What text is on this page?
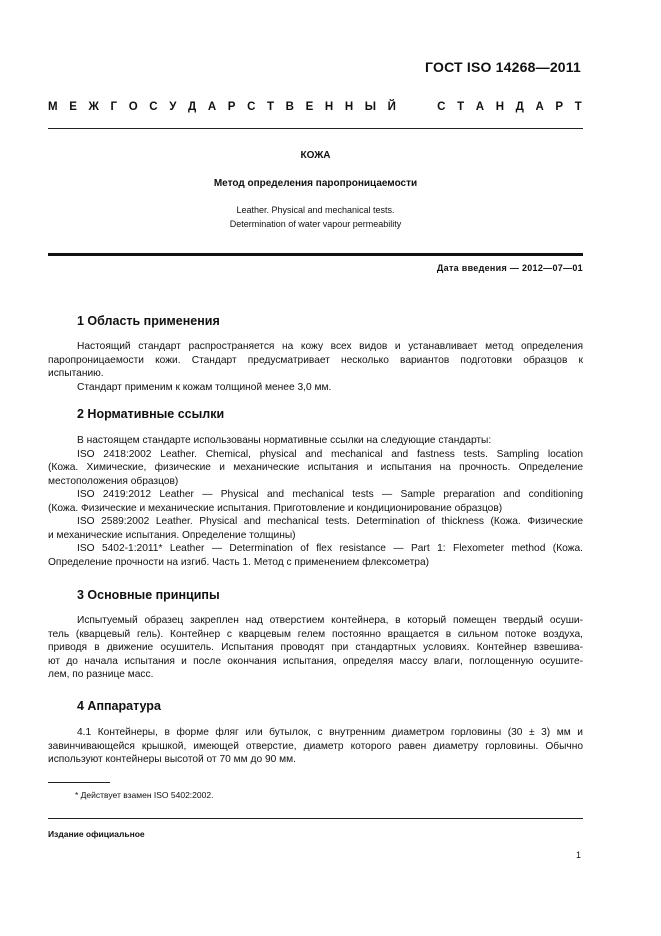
ГОСТ ISO 14268—2011
М Е Ж Г О С У Д А Р С Т В Е Н Н Ы Й	С Т А Н Д А Р Т
КОЖА
Метод определения паропроницаемости
Leather. Physical and mechanical tests.
Determination of water vapour permeability
Дата введения — 2012—07—01
1 Область применения
Настоящий стандарт распространяется на кожу всех видов и устанавливает метод определения
паропроницаемости кожи. Стандарт предусматривает несколько вариантов подготовки образцов к
испытанию.
Стандарт применим к кожам толщиной менее 3,0 мм.
2 Нормативные ссылки
В настоящем стандарте использованы нормативные ссылки на следующие стандарты:
ISO 2418:2002 Leather. Chemical, physical and mechanical and fastness tests. Sampling location
(Кожа. Химические, физические и механические испытания и испытания на прочность. Определение
местоположения образцов)
ISO 2419:2012 Leather — Physical and mechanical tests — Sample preparation and conditioning
(Кожа. Физические и механические испытания. Приготовление и кондиционирование образцов)
ISO 2589:2002 Leather. Physical and mechanical tests. Determination of thickness (Кожа. Физические
и механические испытания. Определение толщины)
ISO 5402-1:2011* Leather — Determination of flex resistance — Part 1: Flexometer method (Кожа.
Определение прочности на изгиб. Часть 1. Метод с применением флексометра)
3 Основные принципы
Испытуемый образец закреплен над отверстием контейнера, в который помещен твердый осуши-
тель (кварцевый гель). Контейнер с кварцевым гелем постоянно вращается в сильном потоке воздуха,
приводя в движение осушитель. Испытания проводят при стандартных условиях. Контейнер взвешива-
ют до начала испытания и после окончания испытания, определяя массу влаги, поглощенную осушите-
лем, по разнице масс.
4 Аппаратура
4.1 Контейнеры, в форме фляг или бутылок, с внутренним диаметром горловины (30 ± 3) мм и
завинчивающейся крышкой, имеющей отверстие, диаметр которого равен диаметру горловины. Обычно
используют контейнеры высотой от 70 мм до 90 мм.
* Действует взамен ISO 5402:2002.
Издание официальное
1
